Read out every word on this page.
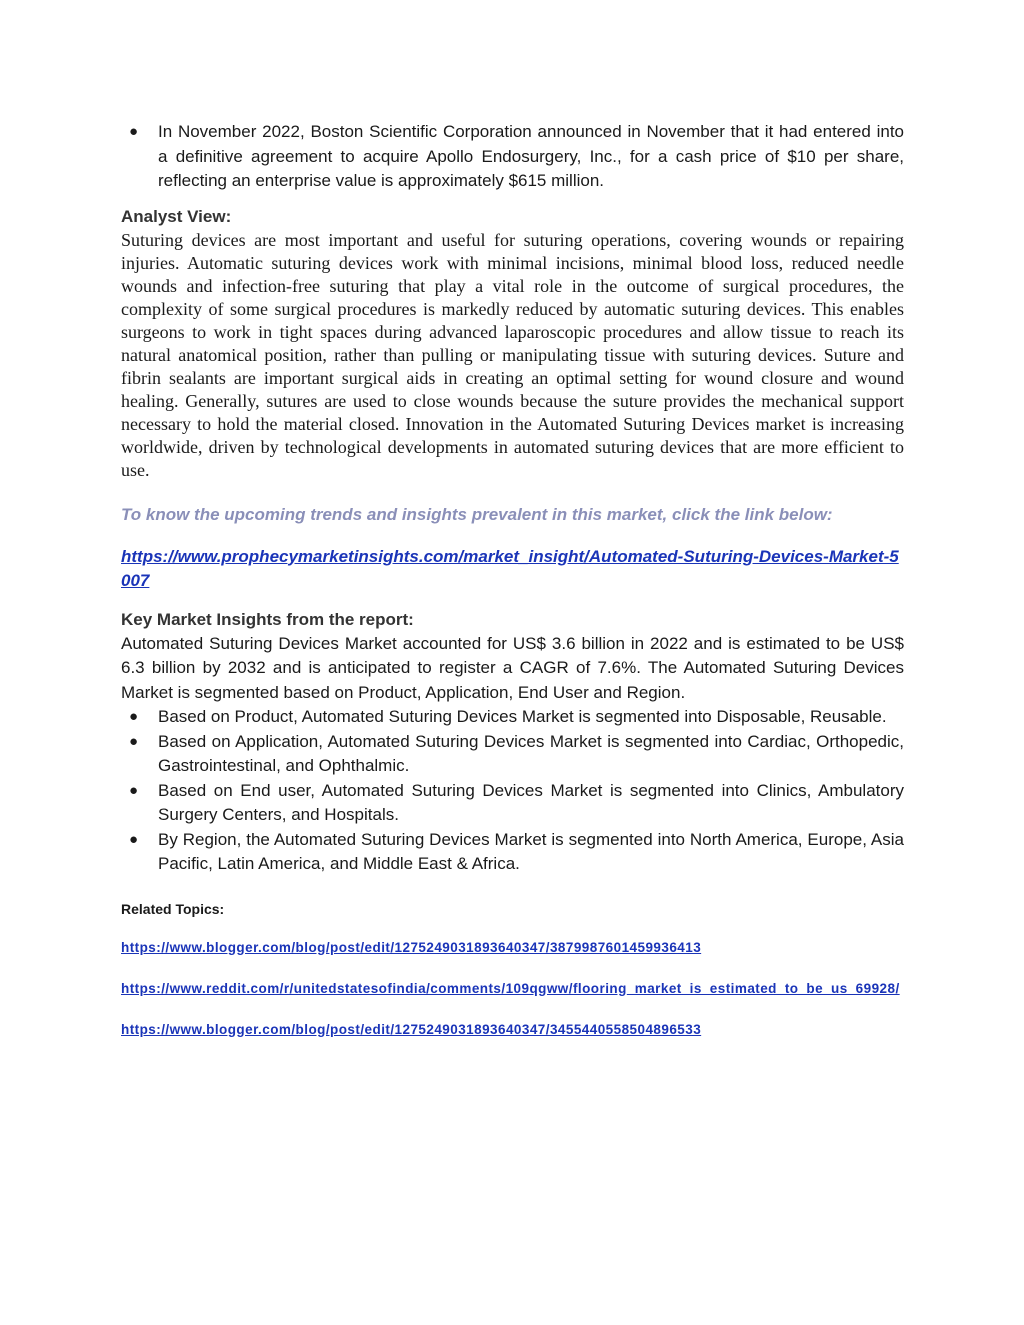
● In November 2022, Boston Scientific Corporation announced in November that it had entered into a definitive agreement to acquire Apollo Endosurgery, Inc., for a cash price of $10 per share, reflecting an enterprise value is approximately $615 million.

Analyst View:

Suturing devices are most important and useful for suturing operations, covering wounds or repairing injuries. Automatic suturing devices work with minimal incisions, minimal blood loss, reduced needle wounds and infection-free suturing that play a vital role in the outcome of surgical procedures, the complexity of some surgical procedures is markedly reduced by automatic suturing devices. This enables surgeons to work in tight spaces during advanced laparoscopic procedures and allow tissue to reach its natural anatomical position, rather than pulling or manipulating tissue with suturing devices. Suture and fibrin sealants are important surgical aids in creating an optimal setting for wound closure and wound healing. Generally, sutures are used to close wounds because the suture provides the mechanical support necessary to hold the material closed. Innovation in the Automated Suturing Devices market is increasing worldwide, driven by technological developments in automated suturing devices that are more efficient to use.

To know the upcoming trends and insights prevalent in this market, click the link below:

https://www.prophecymarketinsights.com/market_insight/Automated-Suturing-Devices-Market-5007

Key Market Insights from the report:

Automated Suturing Devices Market accounted for US$ 3.6 billion in 2022 and is estimated to be US$ 6.3 billion by 2032 and is anticipated to register a CAGR of 7.6%. The Automated Suturing Devices Market is segmented based on Product, Application, End User and Region.

● Based on Product, Automated Suturing Devices Market is segmented into Disposable, Reusable.
● Based on Application, Automated Suturing Devices Market is segmented into Cardiac, Orthopedic, Gastrointestinal, and Ophthalmic.
● Based on End user, Automated Suturing Devices Market is segmented into Clinics, Ambulatory Surgery Centers, and Hospitals.
● By Region, the Automated Suturing Devices Market is segmented into North America, Europe, Asia Pacific, Latin America, and Middle East & Africa.

Related Topics:

https://www.blogger.com/blog/post/edit/1275249031893640347/3879987601459936413

https://www.reddit.com/r/unitedstatesofindia/comments/109qgww/flooring_market_is_estimated_to_be_us_69928/

https://www.blogger.com/blog/post/edit/1275249031893640347/3455440558504896533
